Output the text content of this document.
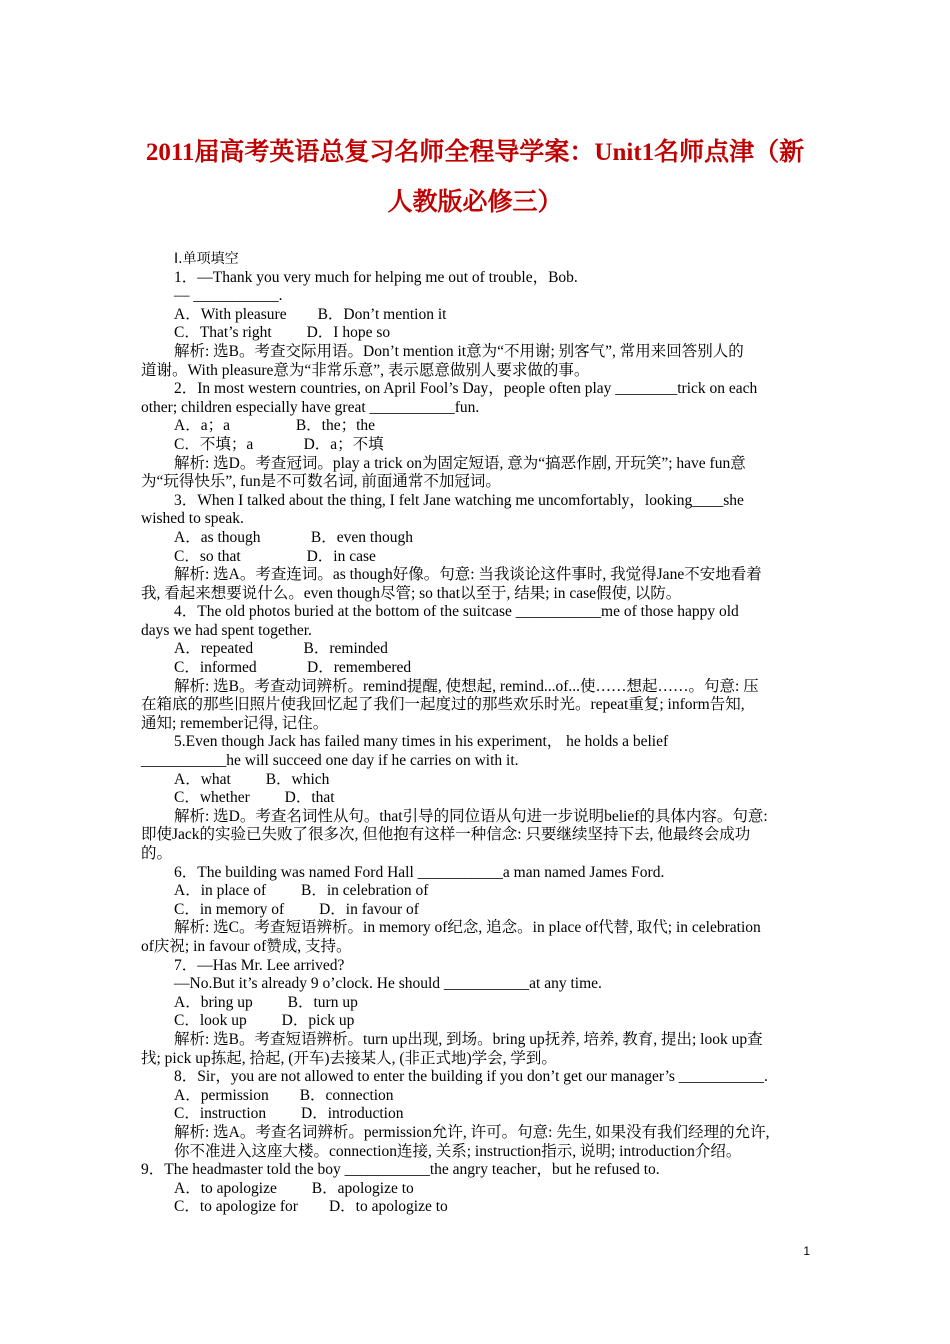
2011届高考英语总复习名师全程导学案：Unit1名师点津（新
人教版必修三）
Ⅰ.单项填空
1．—Thank you very much for helping me out of trouble，Bob.
— ___________.
A．With pleasure　　B．Don’t mention it
C．That’s right　　 D．I hope so
解析: 选B。考查交际用语。Don’t mention it意为“不用谢; 别客气”, 常用来回答别人的
道谢。With pleasure意为“非常乐意”, 表示愿意做别人要求做的事。
2．In most western countries, on April Fool’s Day，people often play ________trick on each
other; children especially have great ___________fun.
A．a；a　　　　 B．the；the
C．不填；a　　　 D．a；不填
解析: 选D。考查冠词。play a trick on为固定短语, 意为“搞恶作剧, 开玩笑”; have fun意
为“玩得快乐”, fun是不可数名词, 前面通常不加冠词。
3．When I talked about the thing, I felt Jane watching me uncomfortably，looking____she
wished to speak.
A．as though　　　 B．even though
C．so that　　　　 D．in case
解析: 选A。考查连词。as though好像。句意: 当我谈论这件事时, 我觉得Jane不安地看着
我, 看起来想要说什么。even though尽管; so that以至于, 结果; in case假使, 以防。
4．The old photos buried at the bottom of the suitcase ___________me of those happy old
days we had spent together.
A．repeated　　　 B．reminded
C．informed　　　 D．remembered
解析: 选B。考查动词辨析。remind提醒, 使想起, remind...of...使……想起……。句意: 压
在箱底的那些旧照片使我回忆起了我们一起度过的那些欢乐时光。repeat重复; inform告知,
通知; remember记得, 记住。
5.Even though Jack has failed many times in his experiment， he holds a belief
___________he will succeed one day if he carries on with it.
A．what　　 B．which
C．whether　　 D．that
解析: 选D。考查名词性从句。that引导的同位语从句进一步说明belief的具体内容。句意:
即使Jack的实验已失败了很多次, 但他抱有这样一种信念: 只要继续坚持下去, 他最终会成功
的。
6．The building was named Ford Hall ___________a man named James Ford.
A．in place of　　 B．in celebration of
C．in memory of　　 D．in favour of
解析: 选C。考查短语辨析。in memory of纪念, 追念。in place of代替, 取代; in celebration
of庆祝; in favour of赞成, 支持。
7．—Has Mr. Lee arrived?
—No.But it’s already 9 o’clock. He should ___________at any time.
A．bring up　　 B．turn up
C．look up　　 D．pick up
解析: 选B。考查短语辨析。turn up出现, 到场。bring up抚养, 培养, 教育, 提出; look up查
找; pick up拣起, 拾起, (开车)去接某人, (非正式地)学会, 学到。
8．Sir，you are not allowed to enter the building if you don’t get our manager’s ___________.
A．permission　　B．connection
C．instruction　　 D．introduction
解析: 选A。考查名词辨析。permission允许, 许可。句意: 先生, 如果没有我们经理的允许,
你不准进入这座大楼。connection连接, 关系; instruction指示, 说明; introduction介绍。
9．The headmaster told the boy ___________the angry teacher，but he refused to.
A．to apologize　　 B．apologize to
C．to apologize for　　D．to apologize to
1
